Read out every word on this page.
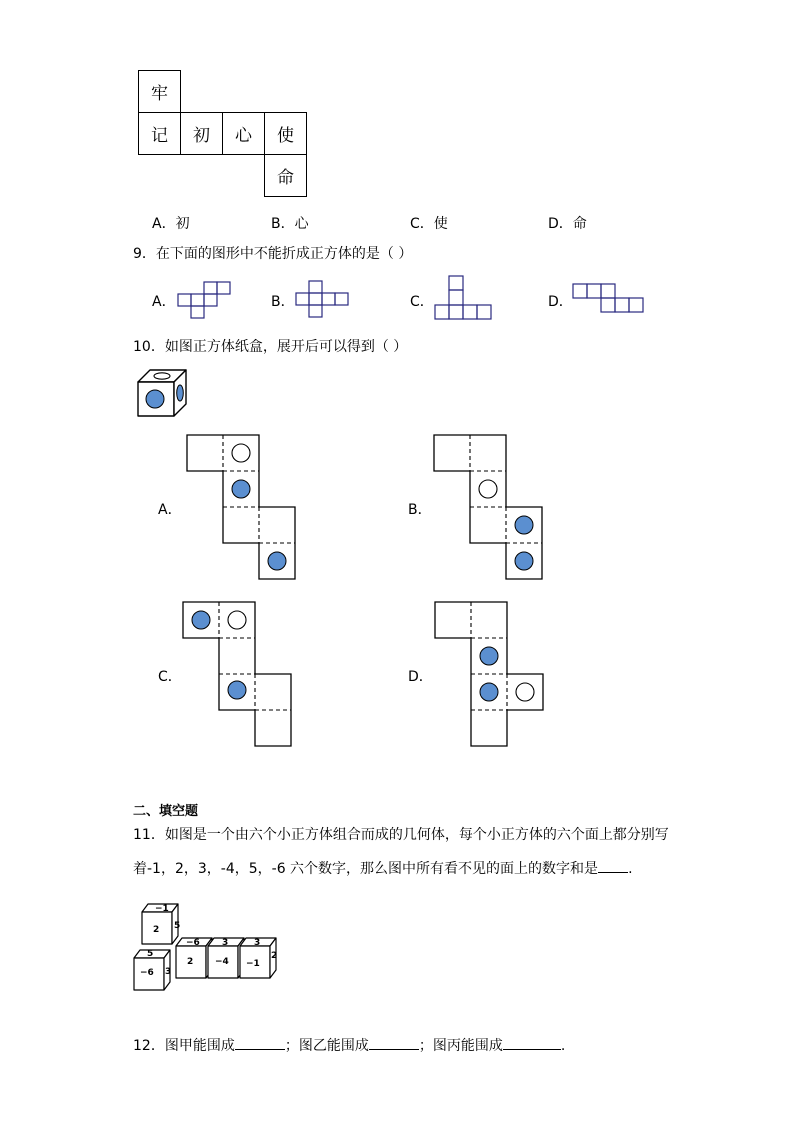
牢
记	初	心	使
命
A．初	B．心	C．使	D．命
9．在下面的图形中不能折成正方体的是（ ）
A．	B．	C．	D．
10．如图正方体纸盒，展开后可以得到（ ）
A．	B．
C．	D．
二、填空题
11．如图是一个由六个小正方体组合而成的几何体，每个小正方体的六个面上都分别写
着-1，2，3，-4，5，-6 六个数字，那么图中所有看不见的面上的数字和是 .
−1
2 5
5
−6 3
−6
2
3
−4
3
−1
2
12．图甲能围成	；图乙能围成	；图丙能围成	.
